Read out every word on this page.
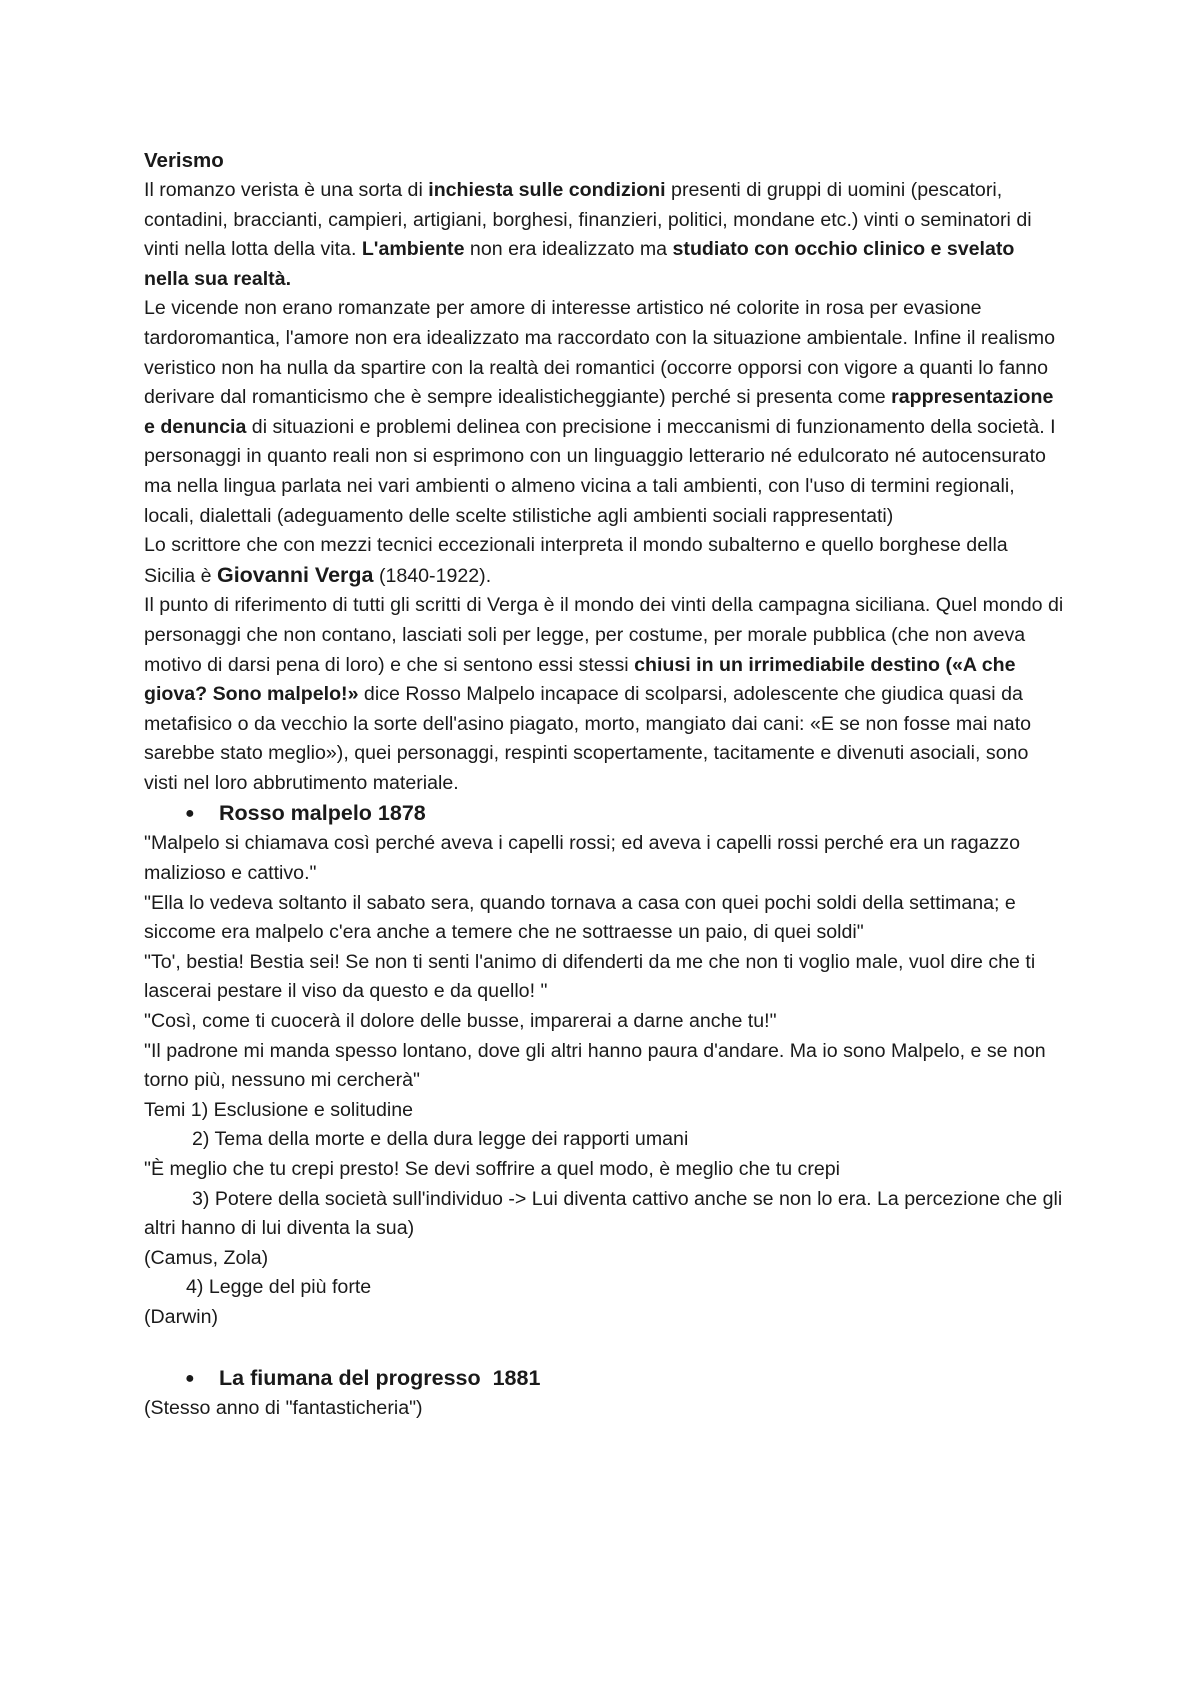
Verismo

Il romanzo verista è una sorta di inchiesta sulle condizioni presenti di gruppi di uomini (pescatori, contadini, braccianti, campieri, artigiani, borghesi, finanzieri, politici, mondane etc.) vinti o seminatori di vinti nella lotta della vita. L'ambiente non era idealizzato ma studiato con occhio clinico e svelato nella sua realtà.

Le vicende non erano romanzate per amore di interesse artistico né colorite in rosa per evasione tardoromantica, l'amore non era idealizzato ma raccordato con la situazione ambientale. Infine il realismo veristico non ha nulla da spartire con la realtà dei romantici (occorre opporsi con vigore a quanti lo fanno derivare dal romanticismo che è sempre idealisticheggiante) perché si presenta come rappresentazione e denuncia di situazioni e problemi delinea con precisione i meccanismi di funzionamento della società. I personaggi in quanto reali non si esprimono con un linguaggio letterario né edulcorato né autocensurato ma nella lingua parlata nei vari ambienti o almeno vicina a tali ambienti, con l'uso di termini regionali, locali, dialettali (adeguamento delle scelte stilistiche agli ambienti sociali rappresentati)

Lo scrittore che con mezzi tecnici eccezionali interpreta il mondo subalterno e quello borghese della Sicilia è Giovanni Verga (1840-1922).

Il punto di riferimento di tutti gli scritti di Verga è il mondo dei vinti della campagna siciliana. Quel mondo di personaggi che non contano, lasciati soli per legge, per costume, per morale pubblica (che non aveva motivo di darsi pena di loro) e che si sentono essi stessi chiusi in un irrimediabile destino («A che giova? Sono malpelo!» dice Rosso Malpelo incapace di scolparsi, adolescente che giudica quasi da metafisico o da vecchio la sorte dell'asino piagato, morto, mangiato dai cani: «E se non fosse mai nato sarebbe stato meglio»), quei personaggi, respinti scopertamente, tacitamente e divenuti asociali, sono visti nel loro abbrutimento materiale.

● Rosso malpelo 1878

"Malpelo si chiamava così perché aveva i capelli rossi; ed aveva i capelli rossi perché era un ragazzo malizioso e cattivo."

"Ella lo vedeva soltanto il sabato sera, quando tornava a casa con quei pochi soldi della settimana; e siccome era malpelo c'era anche a temere che ne sottraesse un paio, di quei soldi"

"To', bestia! Bestia sei! Se non ti senti l'animo di difenderti da me che non ti voglio male, vuol dire che ti lascerai pestare il viso da questo e da quello! "

"Così, come ti cuocerà il dolore delle busse, imparerai a darne anche tu!"

"Il padrone mi manda spesso lontano, dove gli altri hanno paura d'andare. Ma io sono Malpelo, e se non torno più, nessuno mi cercherà"

Temi 1) Esclusione e solitudine

2) Tema della morte e della dura legge dei rapporti umani

"È meglio che tu crepi presto! Se devi soffrire a quel modo, è meglio che tu crepi

3) Potere della società sull'individuo -> Lui diventa cattivo anche se non lo era. La percezione che gli altri hanno di lui diventa la sua)

(Camus, Zola)

4) Legge del più forte

(Darwin)

● La fiumana del progresso  1881

(Stesso anno di "fantasticheria")
